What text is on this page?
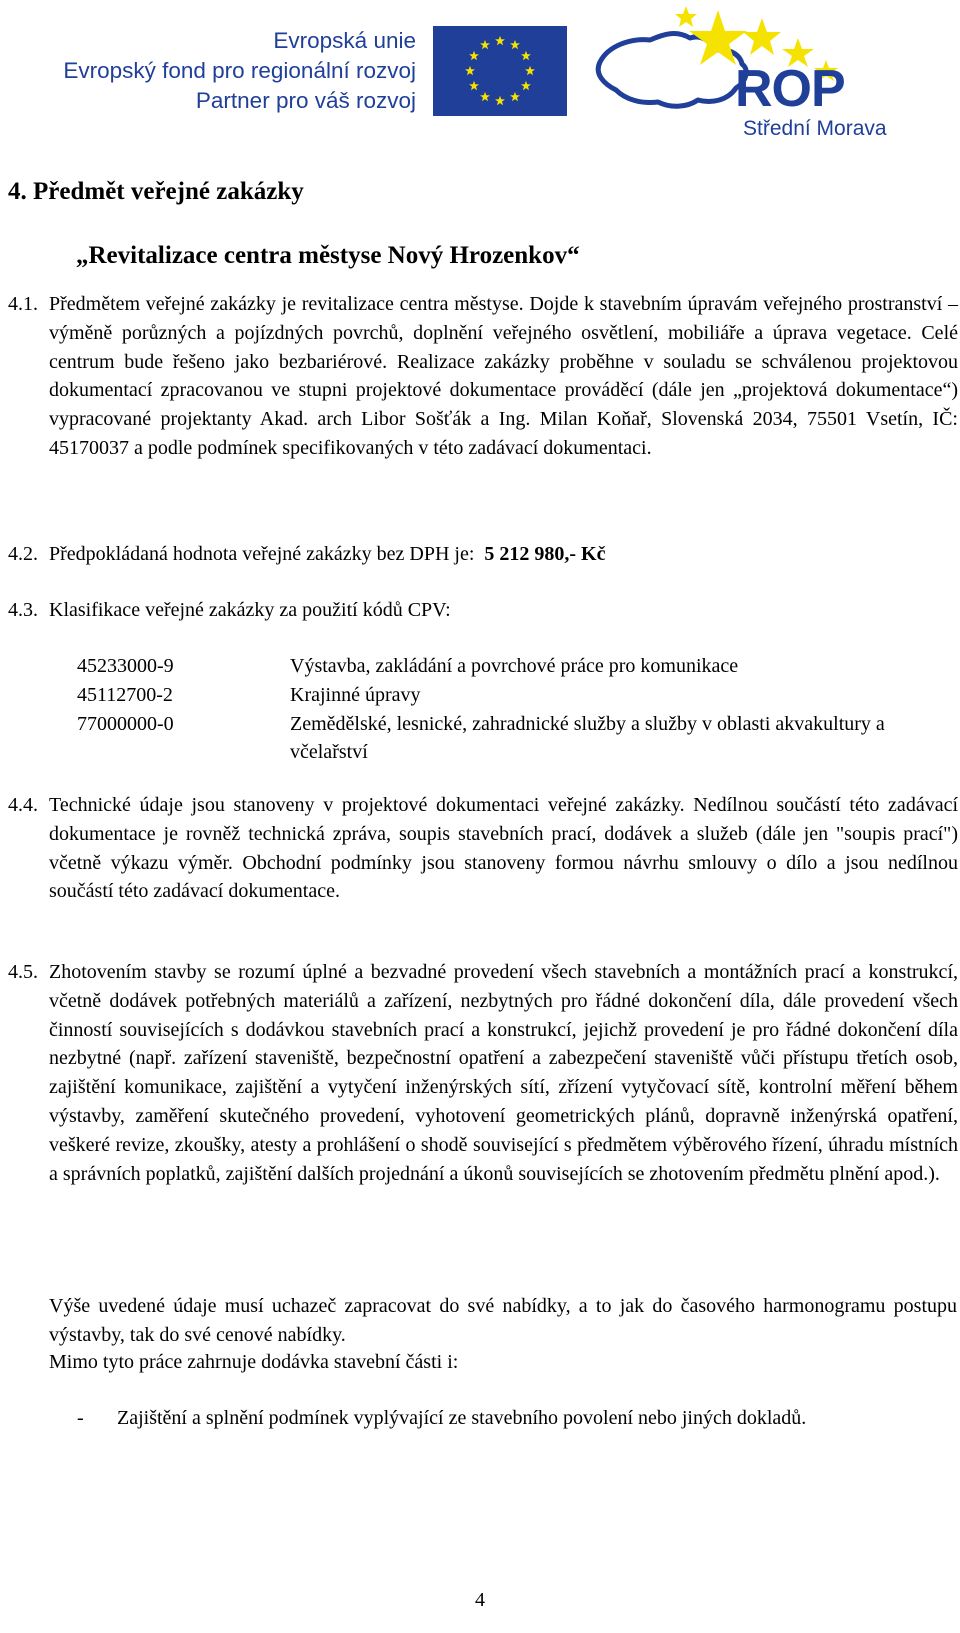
Evropská unie
Evropský fond pro regionální rozvoj
Partner pro váš rozvoj	ROP
Střední Morava
4. Předmět veřejné zakázky
„Revitalizace centra městyse Nový Hrozenkov“
4.1. Předmětem veřejné zakázky je revitalizace centra městyse. Dojde k stavebním úpravám veřejného prostranství – výměně porůzných a pojízdných povrchů, doplnění veřejného osvětlení, mobiliáře a úprava vegetace. Celé centrum bude řešeno jako bezbariérové. Realizace zakázky proběhne v souladu se schválenou projektovou dokumentací zpracovanou ve stupni projektové dokumentace prováděcí (dále jen „projektová dokumentace“) vypracované projektanty Akad. arch Libor Sošťák a Ing. Milan Koňař, Slovenská 2034, 75501 Vsetín, IČ: 45170037 a podle podmínek specifikovaných v této zadávací dokumentaci.
4.2. Předpokládaná hodnota veřejné zakázky bez DPH je: 5 212 980,- Kč
4.3. Klasifikace veřejné zakázky za použití kódů CPV:
45233000-9	Výstavba, zakládání a povrchové práce pro komunikace
45112700-2	Krajinné úpravy
77000000-0	Zemědělské, lesnické, zahradnické služby a služby v oblasti akvakultury a včelařství
4.4. Technické údaje jsou stanoveny v projektové dokumentaci veřejné zakázky. Nedílnou součástí této zadávací dokumentace je rovněž technická zpráva, soupis stavebních prací, dodávek a služeb (dále jen "soupis prací") včetně výkazu výměr. Obchodní podmínky jsou stanoveny formou návrhu smlouvy o dílo a jsou nedílnou součástí této zadávací dokumentace.
4.5. Zhotovením stavby se rozumí úplné a bezvadné provedení všech stavebních a montážních prací a konstrukcí, včetně dodávek potřebných materiálů a zařízení, nezbytných pro řádné dokončení díla, dále provedení všech činností souvisejících s dodávkou stavebních prací a konstrukcí, jejichž provedení je pro řádné dokončení díla nezbytné (např. zařízení staveniště, bezpečnostní opatření a zabezpečení staveniště vůči přístupu třetích osob, zajištění komunikace, zajištění a vytyčení inženýrských sítí, zřízení vytyčovací sítě, kontrolní měření během výstavby, zaměření skutečného provedení, vyhotovení geometrických plánů, dopravně inženýrská opatření, veškeré revize, zkoušky, atesty a prohlášení o shodě související s předmětem výběrového řízení, úhradu místních a správních poplatků, zajištění dalších projednání a úkonů souvisejících se zhotovením předmětu plnění apod.).
Výše uvedené údaje musí uchazeč zapracovat do své nabídky, a to jak do časového harmonogramu postupu výstavby, tak do své cenové nabídky.
Mimo tyto práce zahrnuje dodávka stavební části i:
- Zajištění a splnění podmínek vyplývající ze stavebního povolení nebo jiných dokladů.
4
